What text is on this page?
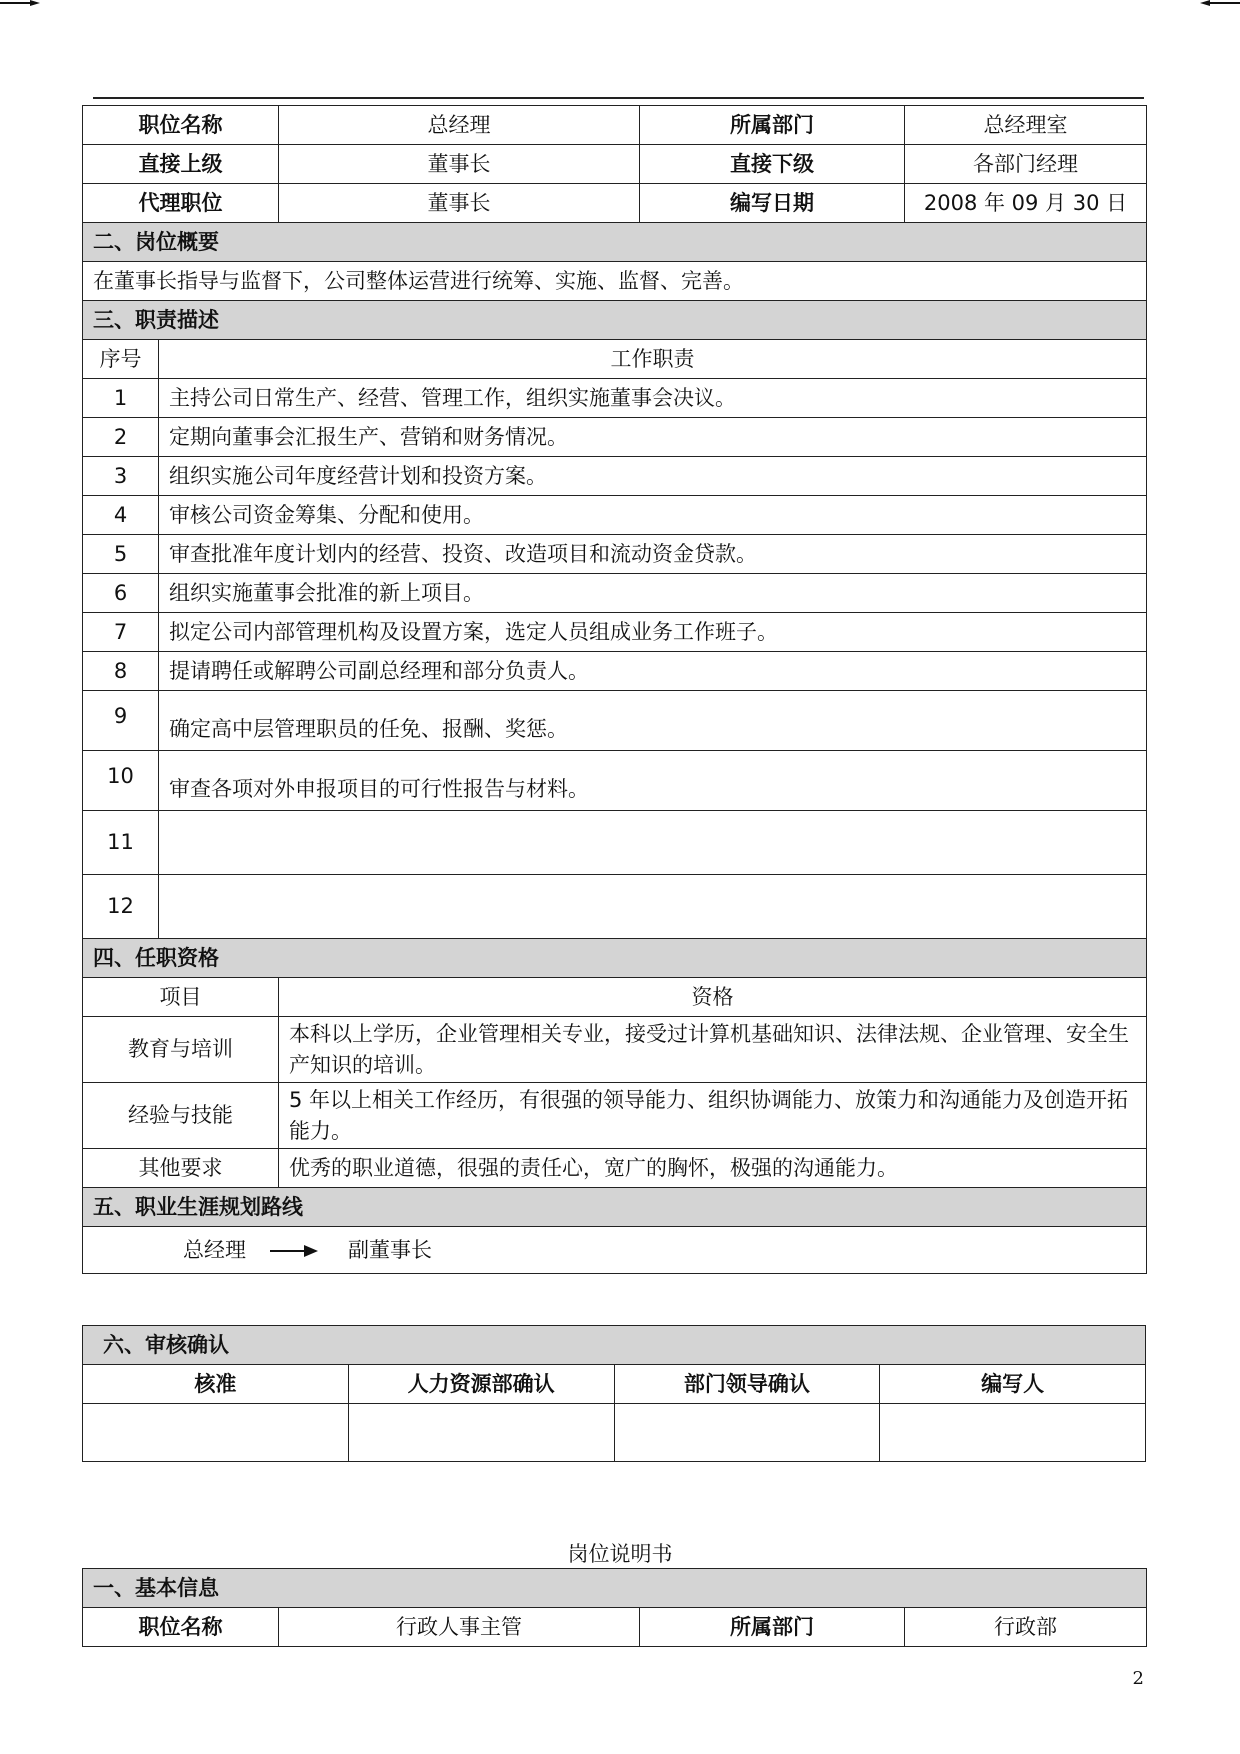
职位名称		总经理	所属部门	总经理室
直接上级		董事长	直接下级	各部门经理
代理职位		董事长	编写日期	2008 年 09 月 30 日
二、岗位概要				
在董事长指导与监督下，公司整体运营进行统筹、实施、监督、完善。				
三、职责描述				
序号	工作职责			
1	主持公司日常生产、经营、管理工作，组织实施董事会决议。			
2	定期向董事会汇报生产、营销和财务情况。			
3	组织实施公司年度经营计划和投资方案。			
4	审核公司资金筹集、分配和使用。			
5	审查批准年度计划内的经营、投资、改造项目和流动资金贷款。			
6	组织实施董事会批准的新上项目。			
7	拟定公司内部管理机构及设置方案，选定人员组成业务工作班子。			
8	提请聘任或解聘公司副总经理和部分负责人。			
9	确定高中层管理职员的任免、报酬、奖惩。			
10	审查各项对外申报项目的可行性报告与材料。			
11				
12				
四、任职资格				
项目		资格		
教育与培训		本科以上学历，企业管理相关专业，接受过计算机基础知识、法律法规、企业管理、安全生产知识的培训。		
经验与技能		5 年以上相关工作经历，有很强的领导能力、组织协调能力、放策力和沟通能力及创造开拓能力。		
其他要求		优秀的职业道德，很强的责任心，宽广的胸怀，极强的沟通能力。		
五、职业生涯规划路线				
总经理 副董事长				
六、审核确认			
核准	人力资源部确认	部门领导确认	编写人

岗位说明书
一、基本信息
职位名称	行政人事主管	所属部门	行政部
2
